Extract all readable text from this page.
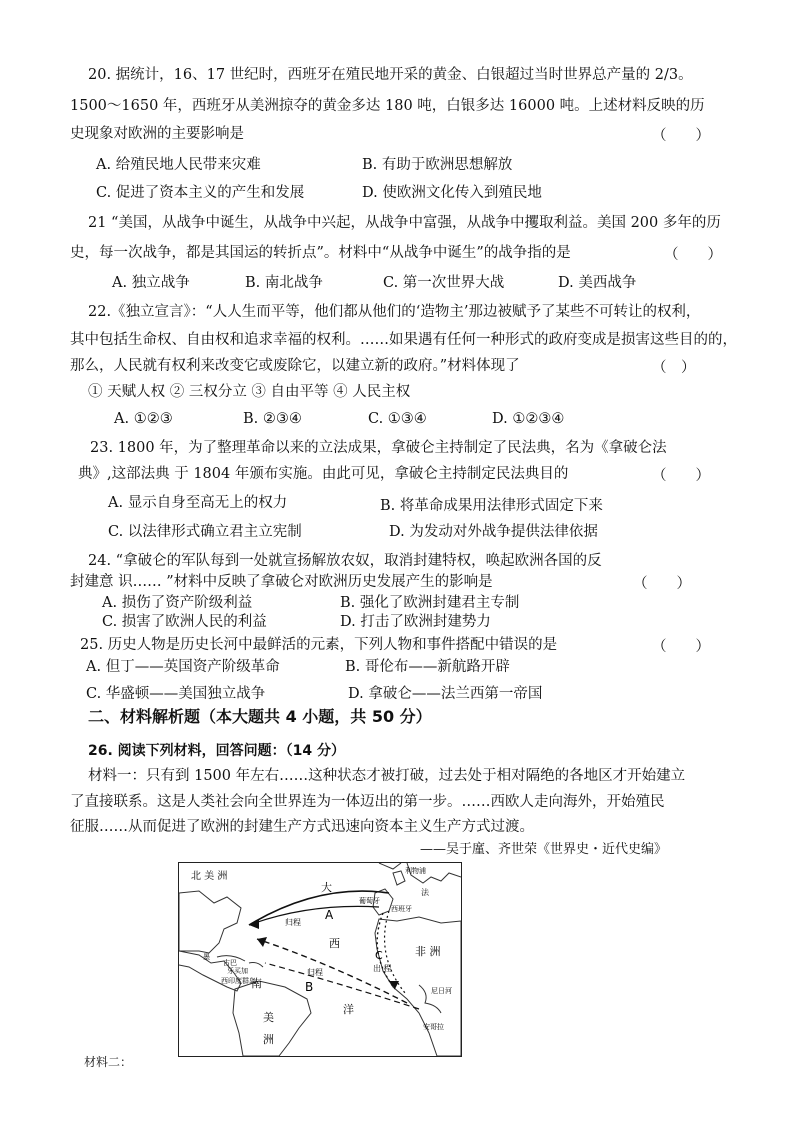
20. 据统计，16、17 世纪时，西班牙在殖民地开采的黄金、白银超过当时世界总产量的 2/3。
1500～1650 年，西班牙从美洲掠夺的黄金多达 180 吨，白银多达 16000 吨。上述材料反映的历
史现象对欧洲的主要影响是	（　　）
A. 给殖民地人民带来灾难	B. 有助于欧洲思想解放
C. 促进了资本主义的产生和发展	D. 使欧洲文化传入到殖民地
21 “美国，从战争中诞生，从战争中兴起，从战争中富强，从战争中攫取利益。美国 200 多年的历
史，每一次战争，都是其国运的转折点”。材料中“从战争中诞生”的战争指的是	（　　）
A. 独立战争	B. 南北战争	C. 第一次世界大战	D. 美西战争
22.《独立宣言》：“人人生而平等，他们都从他们的‘造物主’那边被赋予了某些不可转让的权利，
其中包括生命权、自由权和追求幸福的权利。……如果遇有任何一种形式的政府变成是损害这些目的的，
那么，人民就有权利来改变它或废除它，以建立新的政府。”材料体现了	（　）
① 天赋人权 ② 三权分立 ③ 自由平等 ④ 人民主权
A. ①②③	B. ②③④	C. ①③④	D. ①②③④
23. 1800 年，为了整理革命以来的立法成果，拿破仑主持制定了民法典，名为《拿破仑法
典》,这部法典 于 1804 年颁布实施。由此可见，拿破仑主持制定民法典目的	（　　）
A. 显示自身至高无上的权力	B. 将革命成果用法律形式固定下来
C. 以法律形式确立君主立宪制	D. 为发动对外战争提供法律依据
24. “拿破仑的军队每到一处就宣扬解放农奴，取消封建特权，唤起欧洲各国的反
封建意 识…… ”材料中反映了拿破仑对欧洲历史发展产生的影响是	（　　）
A. 损伤了资产阶级利益	B. 强化了欧洲封建君主专制
C. 损害了欧洲人民的利益	D. 打击了欧洲封建势力
25. 历史人物是历史长河中最鲜活的元素，下列人物和事件搭配中错误的是	（　　）
A. 但丁——英国资产阶级革命	B. 哥伦布——新航路开辟
C. 华盛顿——美国独立战争	D. 拿破仑——法兰西第一帝国
二、材料解析题（本大题共 4 小题，共 50 分）
26. 阅读下列材料，回答问题：（14 分）
材料一：只有到 1500 年左右……这种状态才被打破，过去处于相对隔绝的各地区才开始建立
了直接联系。这是人类社会向全世界连为一体迈出的第一步。……西欧人走向海外，开始殖民
征服……从而促进了欧洲的封建生产方式迅速向资本主义生产方式过渡。
——吴于廑、齐世荣《世界史・近代史编》
北 美 洲
大
西
洋
南
美
洲
非 洲
A
B
C
归程
出 程
归程
利物浦
法
葡萄牙
西班牙
墨
古巴
牙买加
西印度群岛
尼日河
安哥拉
材料二：
